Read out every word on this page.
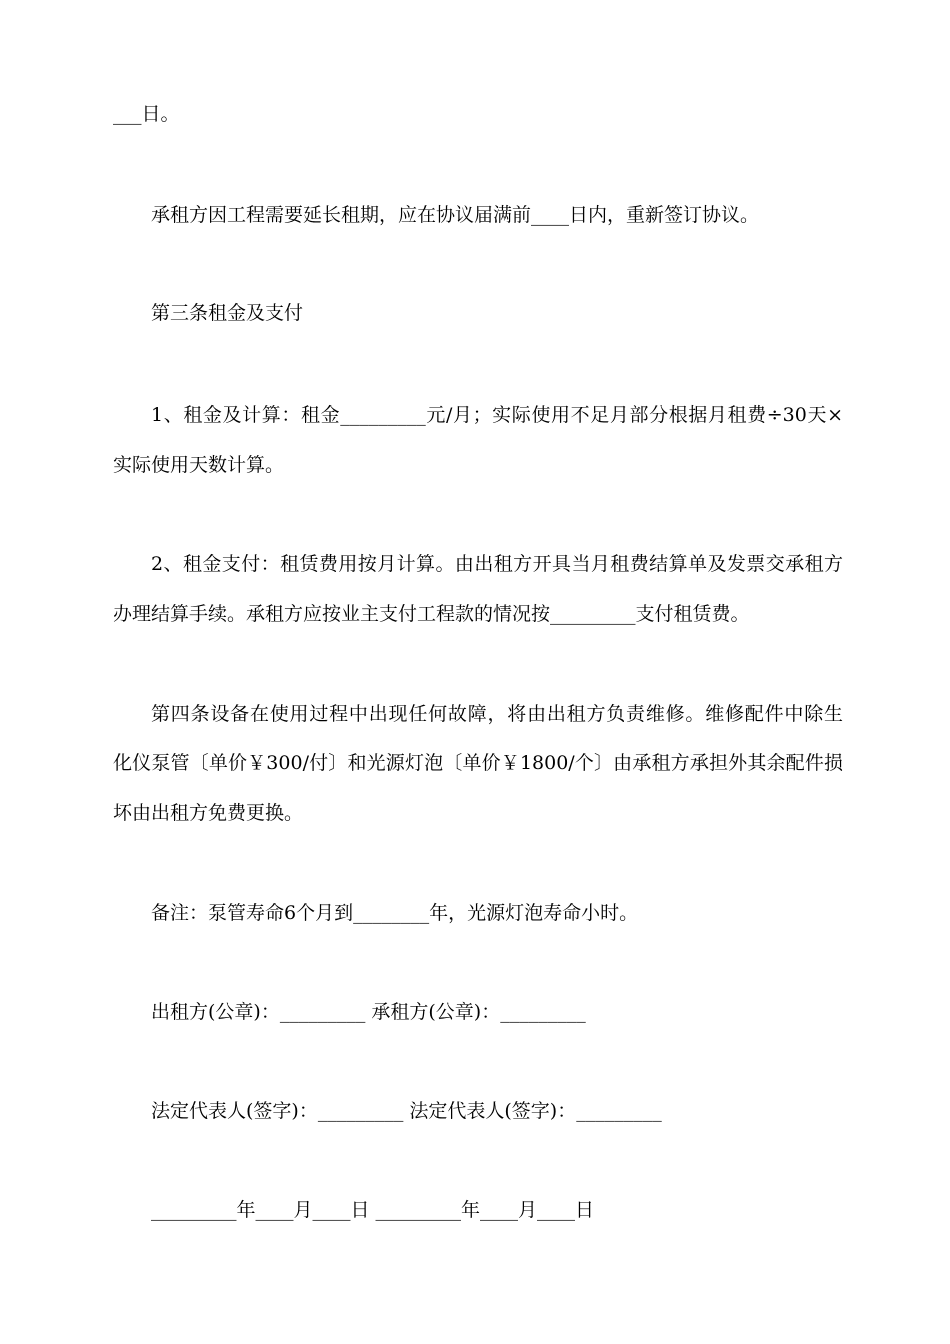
___日。
承租方因工程需要延长租期，应在协议届满前____日内，重新签订协议。
第三条租金及支付
1、租金及计算：租金_________元/月；实际使用不足月部分根据月租费÷30天×
实际使用天数计算。
2、租金支付：租赁费用按月计算。由出租方开具当月租费结算单及发票交承租方
办理结算手续。承租方应按业主支付工程款的情况按_________支付租赁费。
第四条设备在使用过程中出现任何故障，将由出租方负责维修。维修配件中除生
化仪泵管〔单价￥300/付〕和光源灯泡〔单价￥1800/个〕由承租方承担外其余配件损
坏由出租方免费更换。
备注：泵管寿命6个月到________年，光源灯泡寿命小时。
出租方(公章)：_________ 承租方(公章)：_________
法定代表人(签字)：_________ 法定代表人(签字)：_________
_________年____月____日 _________年____月____日
